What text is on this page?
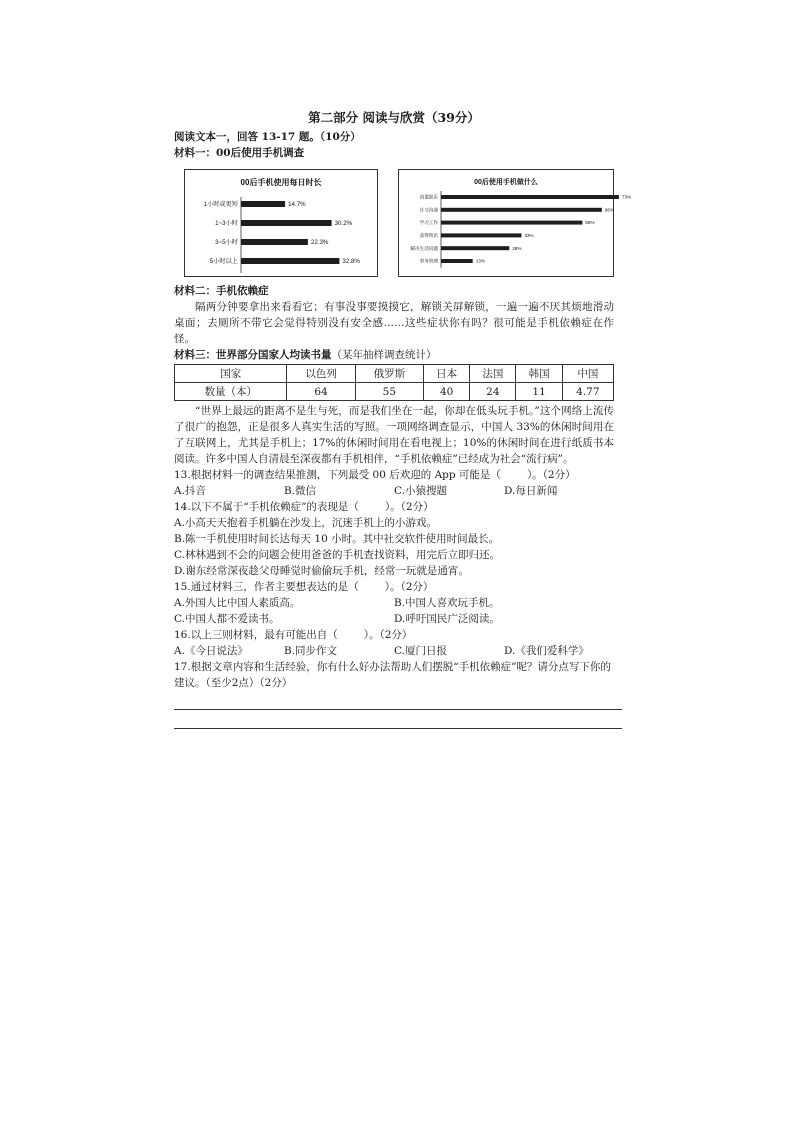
第二部分 阅读与欣赏（39分）

阅读文本一，回答 13-17 题。（10分）

材料一：00后使用手机调查

00后手机使用每日时长
1小时或更短	14.7%
1~3小时	30.2%
3~5小时	22.3%
5小时以上	32.8%
00后使用手机做什么
消遣娱乐	73%
社交沟通	66%
学习工作	58%
获得资讯	33%
解决生活问题	28%
事务管理	13%

材料二：手机依赖症

隔两分钟要拿出来看看它；有事没事要摸摸它，解锁关屏解锁，一遍一遍不厌其烦地滑动桌面；去厕所不带它会觉得特别没有安全感……这些症状你有吗？很可能是手机依赖症在作怪。

材料三：世界部分国家人均读书量（某年抽样调查统计）

国家	以色列	俄罗斯	日本	法国	韩国	中国
数量（本）	64	55	40	24	11	4.77

“世界上最远的距离不是生与死，而是我们坐在一起，你却在低头玩手机。”这个网络上流传了很广的抱怨，正是很多人真实生活的写照。一项网络调查显示，中国人 33%的休闲时间用在了互联网上，尤其是手机上；17%的休闲时间用在看电视上；10%的休闲时间在进行纸质书本阅读。许多中国人自清晨至深夜都有手机相伴，“手机依赖症”已经成为社会“流行病”。

13.根据材料一的调查结果推测，下列最受 00 后欢迎的 App 可能是（ ）。（2分）

A.抖音	B.微信	C.小猿搜题	D.每日新闻

14.以下不属于“手机依赖症”的表现是（ ）。（2分）

A.小高天天抱着手机躺在沙发上，沉迷手机上的小游戏。

B.陈一手机使用时间长达每天 10 小时。其中社交软件使用时间最长。

C.林林遇到不会的问题会使用爸爸的手机查找资料，用完后立即归还。

D.谢东经常深夜趁父母睡觉时偷偷玩手机，经常一玩就是通宵。

15.通过材料三，作者主要想表达的是（ ）。（2分）

A.外国人比中国人素质高。	B.中国人喜欢玩手机。
C.中国人都不爱读书。	D.呼吁国民广泛阅读。

16.以上三则材料，最有可能出自（ ）。（2分）

A.《今日说法》	B.同步作文	C.厦门日报	D.《我们爱科学》

17.根据文章内容和生活经验，你有什么好办法帮助人们摆脱“手机依赖症”呢？请分点写下你的建议。（至少2点）（2分）
